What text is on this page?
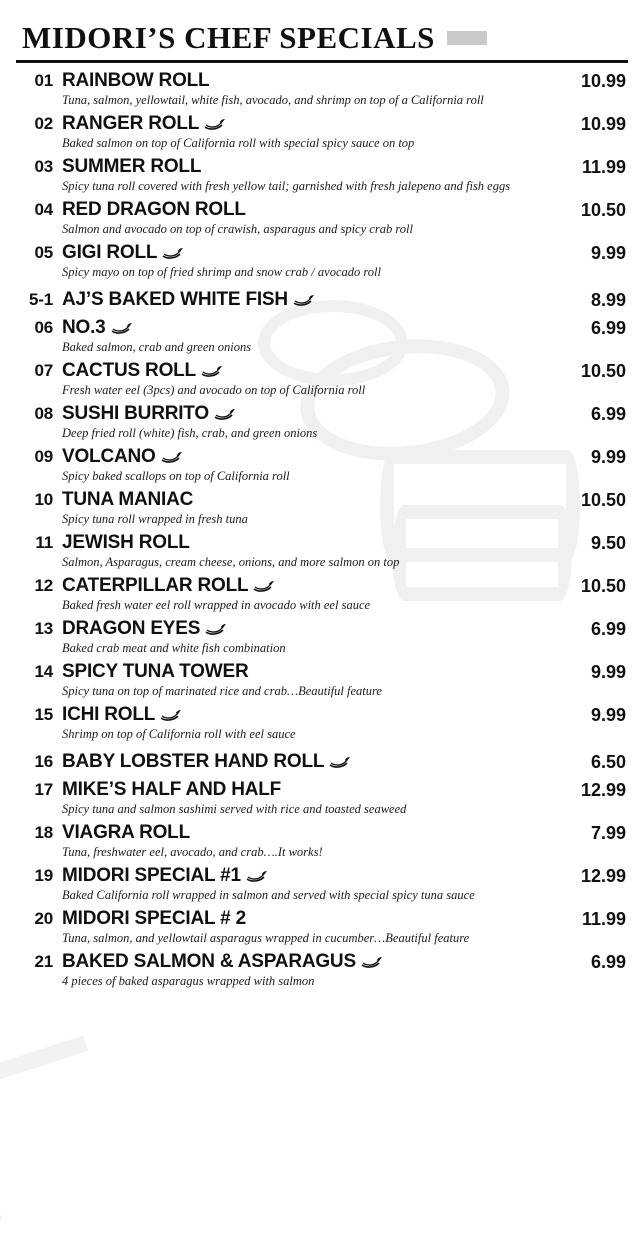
MIDORI’S CHEF SPECIALS
01 RAINBOW ROLL
Tuna, salmon, yellowtail, white fish, avocado, and shrimp on top of a California roll
10.99
02 RANGER ROLL
Baked salmon on top of California roll with special spicy sauce on top
10.99
03 SUMMER ROLL
Spicy tuna roll covered with fresh yellow tail; garnished with fresh jalepeno and fish eggs
11.99
04 RED DRAGON ROLL
Salmon and avocado on top of crawish, asparagus and spicy crab roll
10.50
05 GIGI ROLL
Spicy mayo on top of fried shrimp and snow crab / avocado roll
9.99
5-1 AJ’S BAKED WHITE FISH	8.99
06 NO.3
Baked salmon, crab and green onions
6.99
07 CACTUS ROLL
Fresh water eel (3pcs) and avocado on top of California roll
10.50
08 SUSHI BURRITO
Deep fried roll (white) fish, crab, and green onions
6.99
09 VOLCANO
Spicy baked scallops on top of California roll
9.99
10 TUNA MANIAC
Spicy tuna roll wrapped in fresh tuna
10.50
11 JEWISH ROLL
Salmon, Asparagus, cream cheese, onions, and more salmon on top
9.50
12 CATERPILLAR ROLL
Baked fresh water eel roll wrapped in avocado with eel sauce
10.50
13 DRAGON EYES
Baked crab meat and white fish combination
6.99
14 SPICY TUNA TOWER
Spicy tuna on top of marinated rice and crab…Beautiful feature
9.99
15 ICHI ROLL
Shrimp on top of California roll with eel sauce
9.99
16 BABY LOBSTER HAND ROLL	6.50
17 MIKE’S HALF AND HALF
Spicy tuna and salmon sashimi served with rice and toasted seaweed
12.99
18 VIAGRA ROLL
Tuna, freshwater eel, avocado, and crab….It works!
7.99
19 MIDORI SPECIAL #1
Baked California roll wrapped in salmon and served with special spicy tuna sauce
12.99
20 MIDORI SPECIAL # 2
Tuna, salmon, and yellowtail asparagus wrapped in cucumber…Beautiful feature
11.99
21 BAKED SALMON & ASPARAGUS
4 pieces of baked asparagus wrapped with salmon
6.99
